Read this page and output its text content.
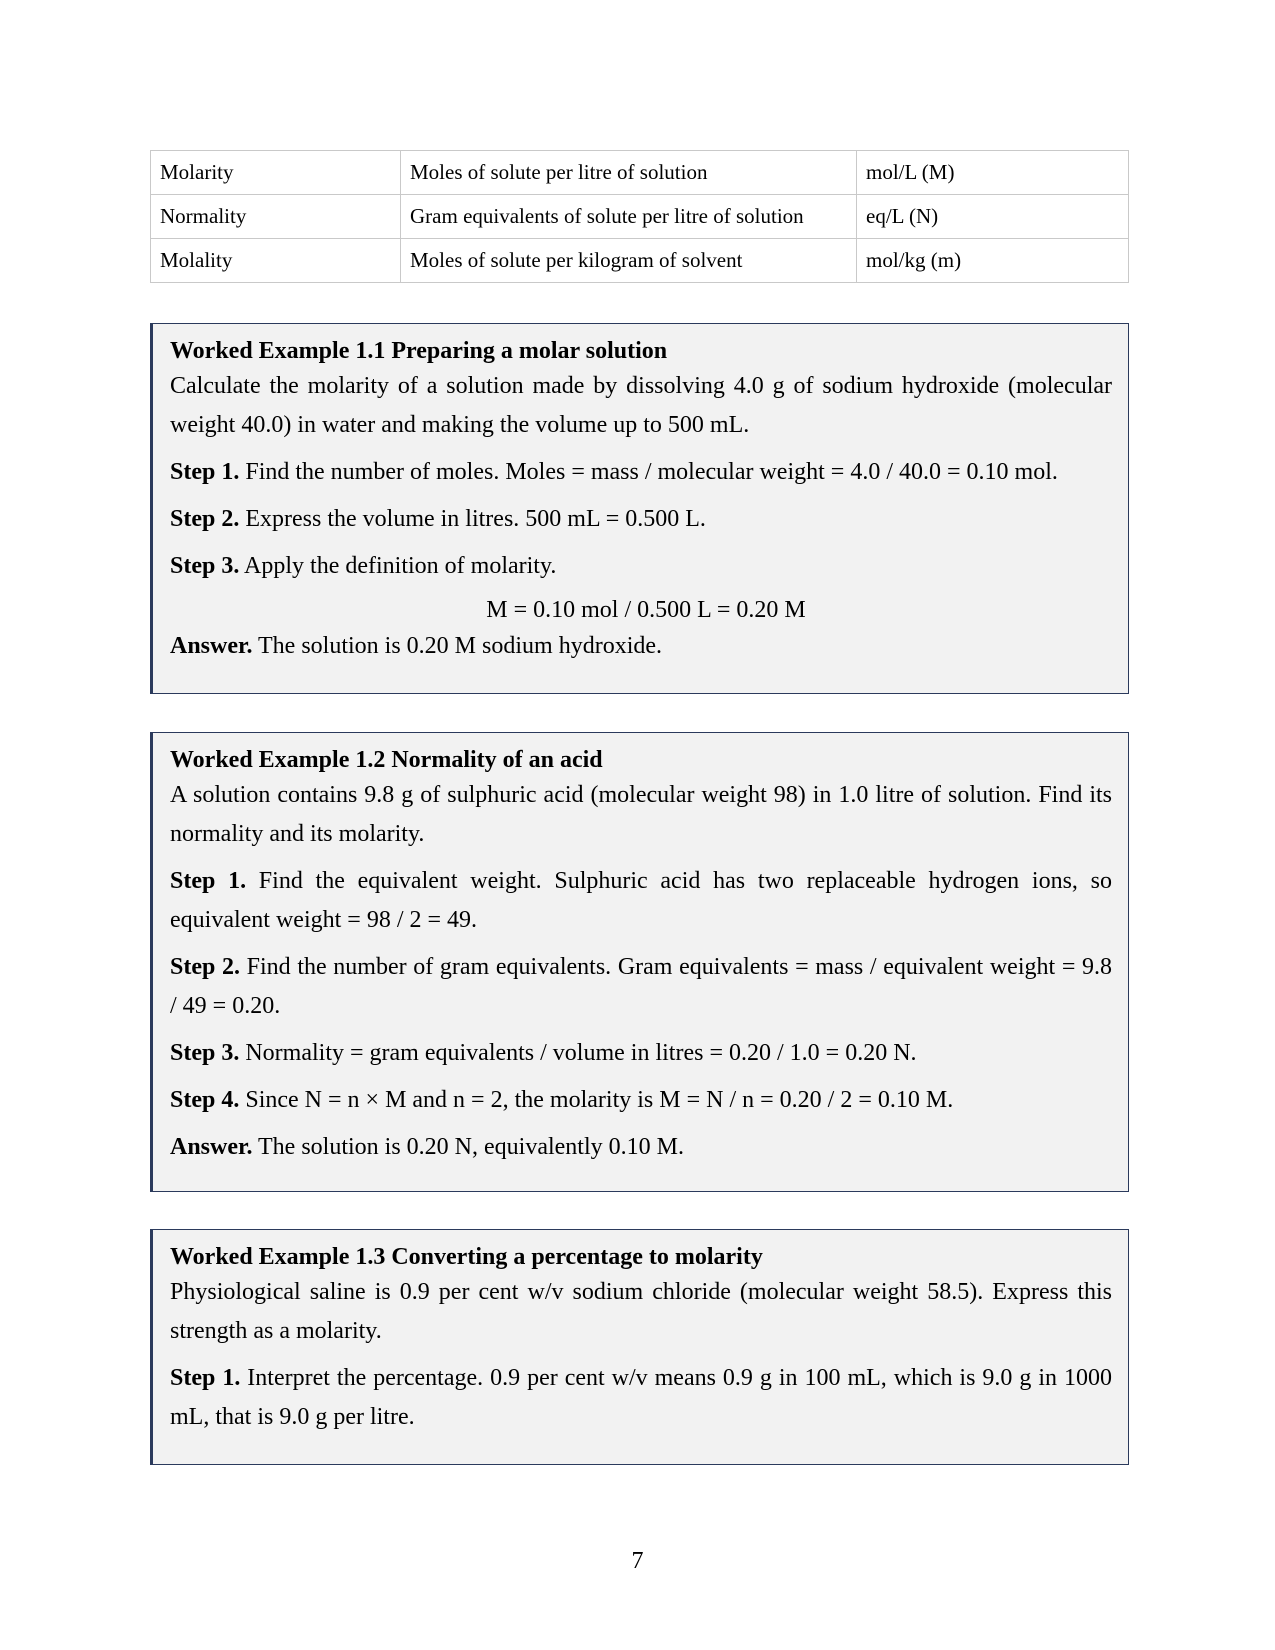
Molarity	Moles of solute per litre of solution	mol/L (M)
Normality	Gram equivalents of solute per litre of solution	eq/L (N)
Molality	Moles of solute per kilogram of solvent	mol/kg (m)

Worked Example 1.1 Preparing a molar solution

Calculate the molarity of a solution made by dissolving 4.0 g of sodium hydroxide (molecular weight 40.0) in water and making the volume up to 500 mL.

Step 1. Find the number of moles. Moles = mass / molecular weight = 4.0 / 40.0 = 0.10 mol.

Step 2. Express the volume in litres. 500 mL = 0.500 L.

Step 3. Apply the definition of molarity.

M = 0.10 mol / 0.500 L = 0.20 M

Answer. The solution is 0.20 M sodium hydroxide.

Worked Example 1.2 Normality of an acid

A solution contains 9.8 g of sulphuric acid (molecular weight 98) in 1.0 litre of solution. Find its normality and its molarity.

Step 1. Find the equivalent weight. Sulphuric acid has two replaceable hydrogen ions, so equivalent weight = 98 / 2 = 49.

Step 2. Find the number of gram equivalents. Gram equivalents = mass / equivalent weight = 9.8 / 49 = 0.20.

Step 3. Normality = gram equivalents / volume in litres = 0.20 / 1.0 = 0.20 N.

Step 4. Since N = n × M and n = 2, the molarity is M = N / n = 0.20 / 2 = 0.10 M.

Answer. The solution is 0.20 N, equivalently 0.10 M.

Worked Example 1.3 Converting a percentage to molarity

Physiological saline is 0.9 per cent w/v sodium chloride (molecular weight 58.5). Express this strength as a molarity.

Step 1. Interpret the percentage. 0.9 per cent w/v means 0.9 g in 100 mL, which is 9.0 g in 1000 mL, that is 9.0 g per litre.

7
